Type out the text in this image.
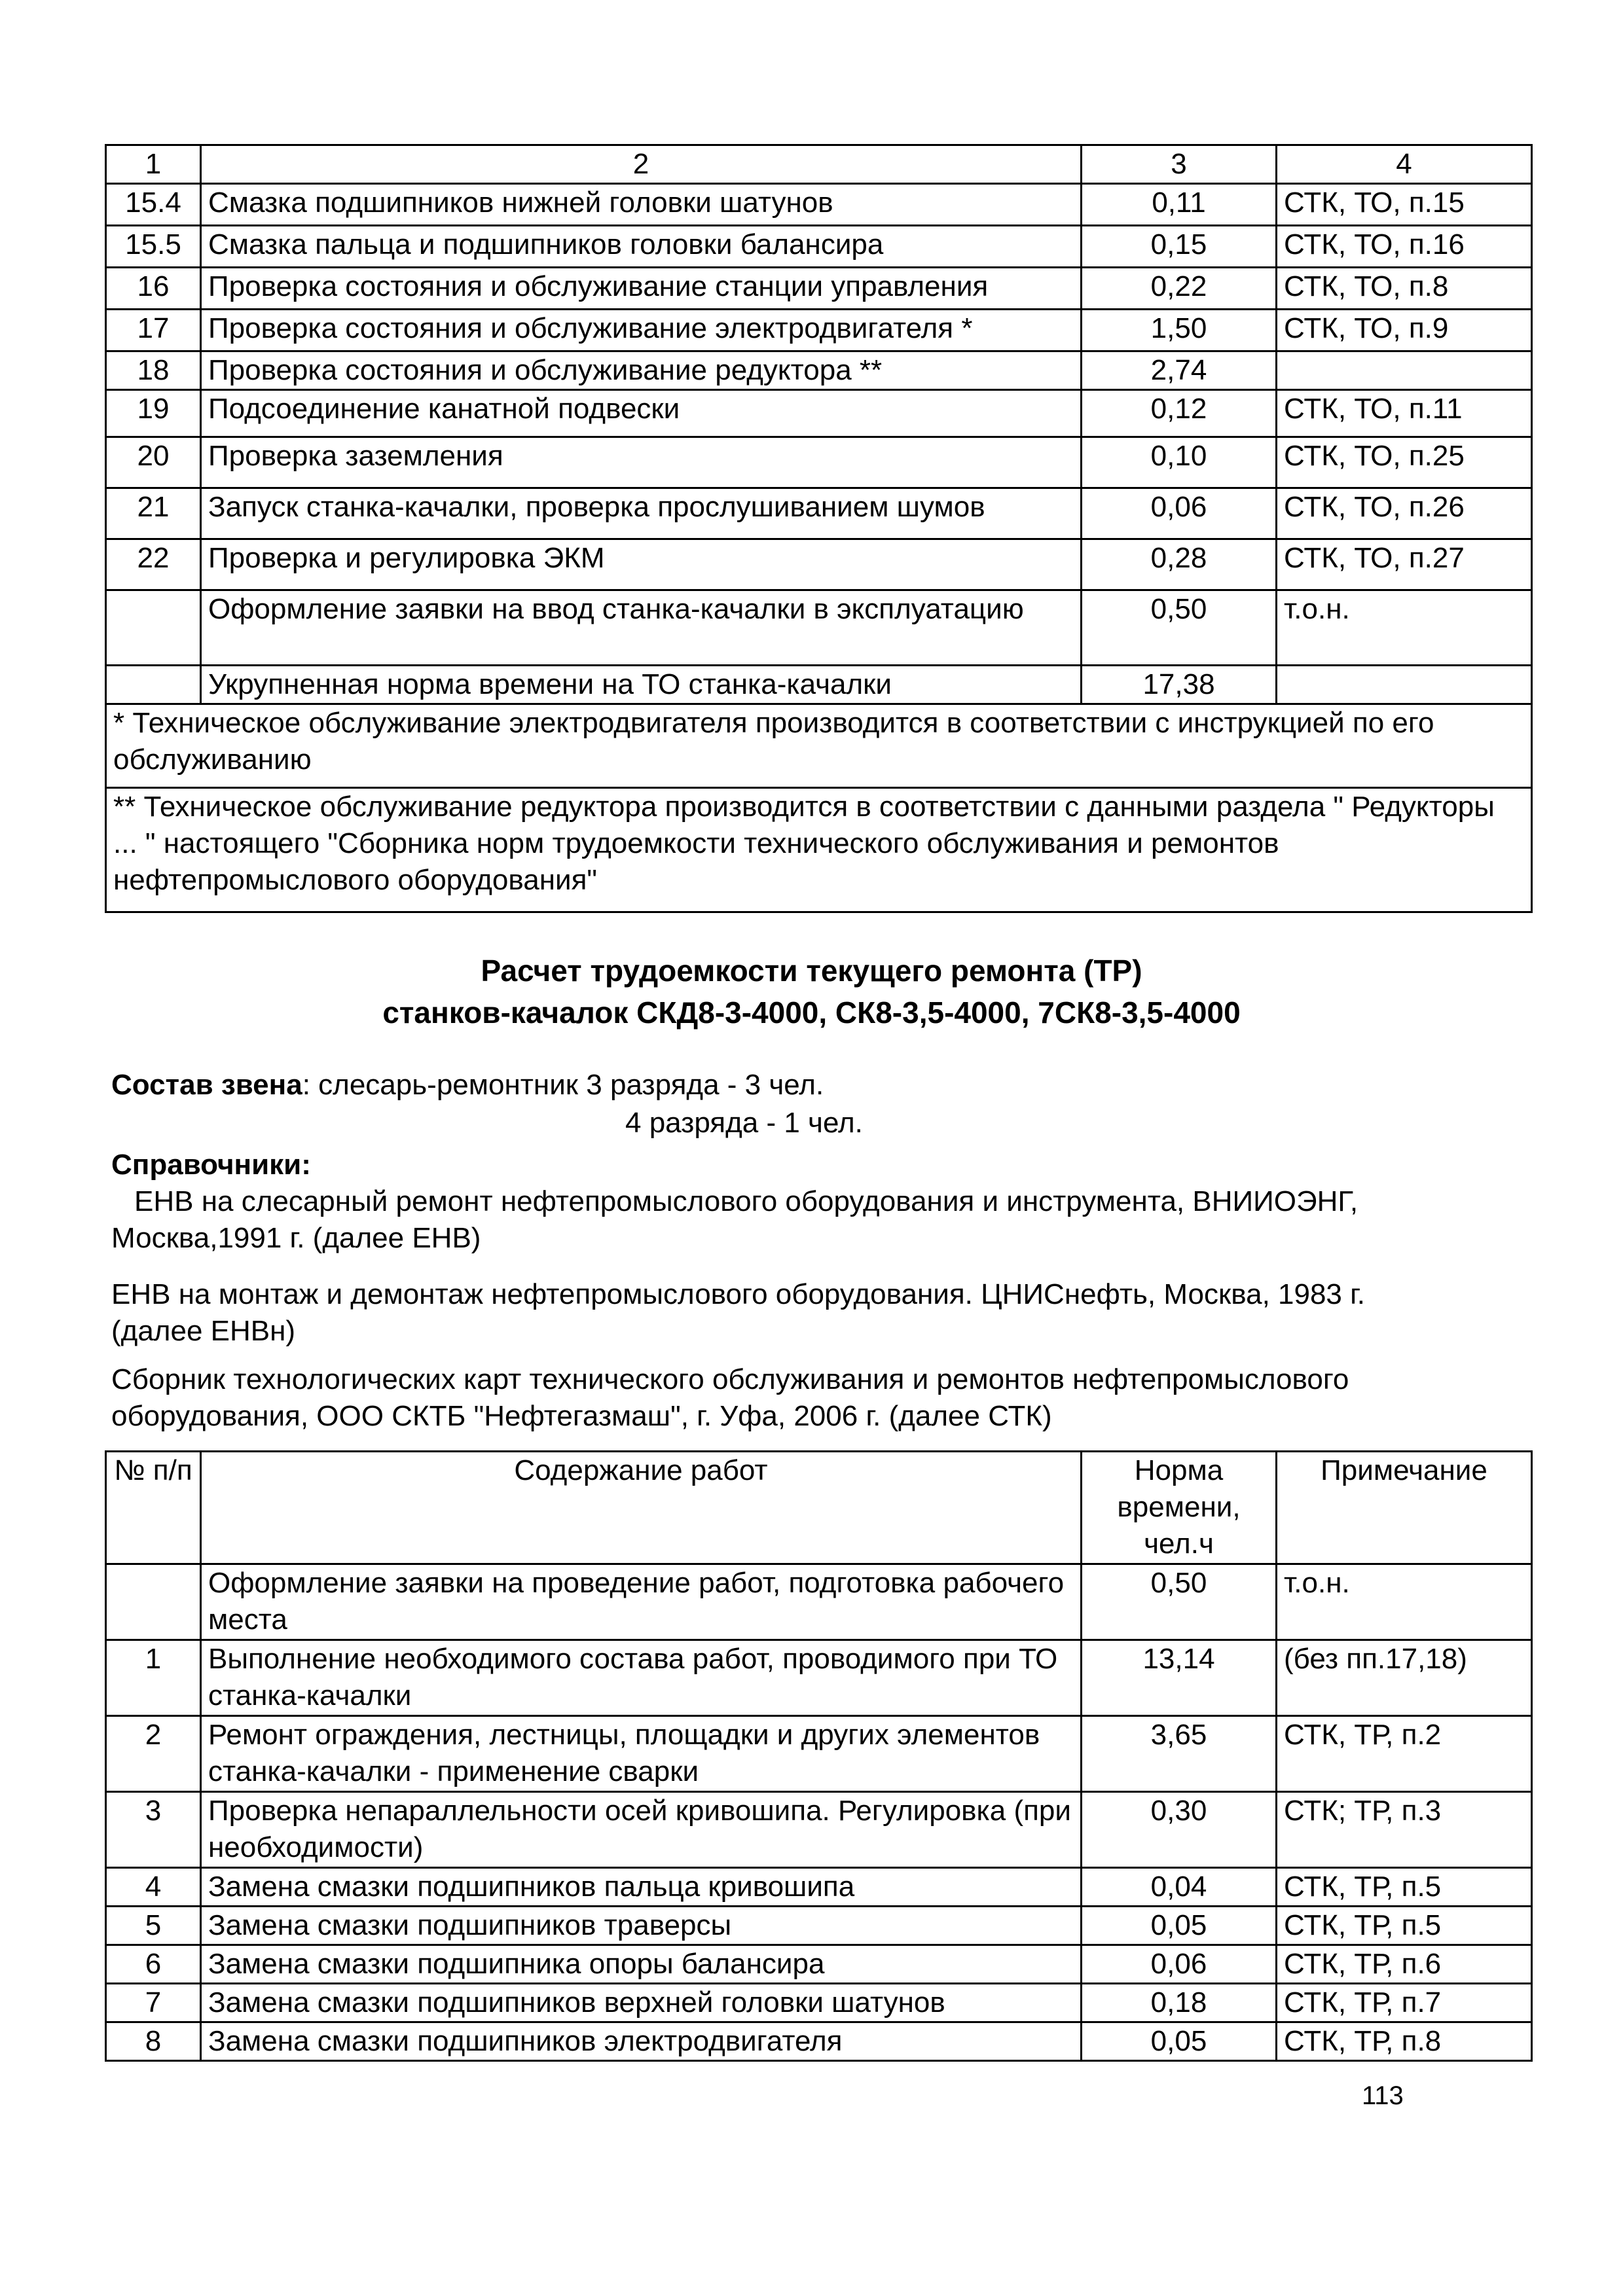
1	2	3	4
15.4	Смазка подшипников нижней головки шатунов	0,11	СТК, ТО, п.15
15.5	Смазка пальца и подшипников головки балансира	0,15	СТК, ТО, п.16
16	Проверка состояния и обслуживание станции управления	0,22	СТК, ТО, п.8
17	Проверка состояния и обслуживание электродвигателя *	1,50	СТК, ТО, п.9
18	Проверка состояния и обслуживание редуктора **	2,74	
19	Подсоединение канатной подвески	0,12	СТК, ТО, п.11
20	Проверка заземления	0,10	СТК, ТО, п.25
21	Запуск станка-качалки, проверка прослушиванием шумов	0,06	СТК, ТО, п.26
22	Проверка и регулировка ЭКМ	0,28	СТК, ТО, п.27
	Оформление заявки на ввод станка-качалки в эксплуатацию	0,50	т.о.н.
	Укрупненная норма времени на ТО станка-качалки	17,38	
* Техническое обслуживание электродвигателя производится в соответствии с инструкцией по его обслуживанию			
** Техническое обслуживание редуктора производится в соответствии с данными раздела " Редукторы ... " настоящего "Сборника норм трудоемкости технического обслуживания и ремонтов нефтепромыслового оборудования"			
Расчет трудоемкости текущего ремонта (ТР)
станков-качалок СКД8-3-4000, СК8-3,5-4000, 7СК8-3,5-4000
Состав звена: слесарь-ремонтник 3 разряда - 3 чел.
4 разряда - 1 чел.
Справочники:
ЕНВ на слесарный ремонт нефтепромыслового оборудования и инструмента, ВНИИОЭНГ,
Москва,1991 г. (далее ЕНВ)
ЕНВ на монтаж и демонтаж нефтепромыслового оборудования. ЦНИСнефть, Москва, 1983 г.
(далее ЕНВн)
Сборник технологических карт технического обслуживания и ремонтов нефтепромыслового
оборудования, ООО СКТБ "Нефтегазмаш", г. Уфа, 2006 г. (далее СТК)
№ п/п	Содержание работ	Норма времени, чел.ч	Примечание
	Оформление заявки на проведение работ, подготовка рабочего места	0,50	т.о.н.
1	Выполнение необходимого состава работ, проводимого при ТО станка-качалки	13,14	(без пп.17,18)
2	Ремонт ограждения, лестницы, площадки и других элементов станка-качалки - применение сварки	3,65	СТК, ТР, п.2
3	Проверка непараллельности осей кривошипа. Регулировка (при необходимости)	0,30	СТК; ТР, п.3
4	Замена смазки подшипников пальца кривошипа	0,04	СТК, ТР, п.5
5	Замена смазки подшипников траверсы	0,05	СТК, ТР, п.5
6	Замена смазки подшипника опоры балансира	0,06	СТК, ТР, п.6
7	Замена смазки подшипников верхней головки шатунов	0,18	СТК, ТР, п.7
8	Замена смазки подшипников электродвигателя	0,05	СТК, ТР, п.8
113
